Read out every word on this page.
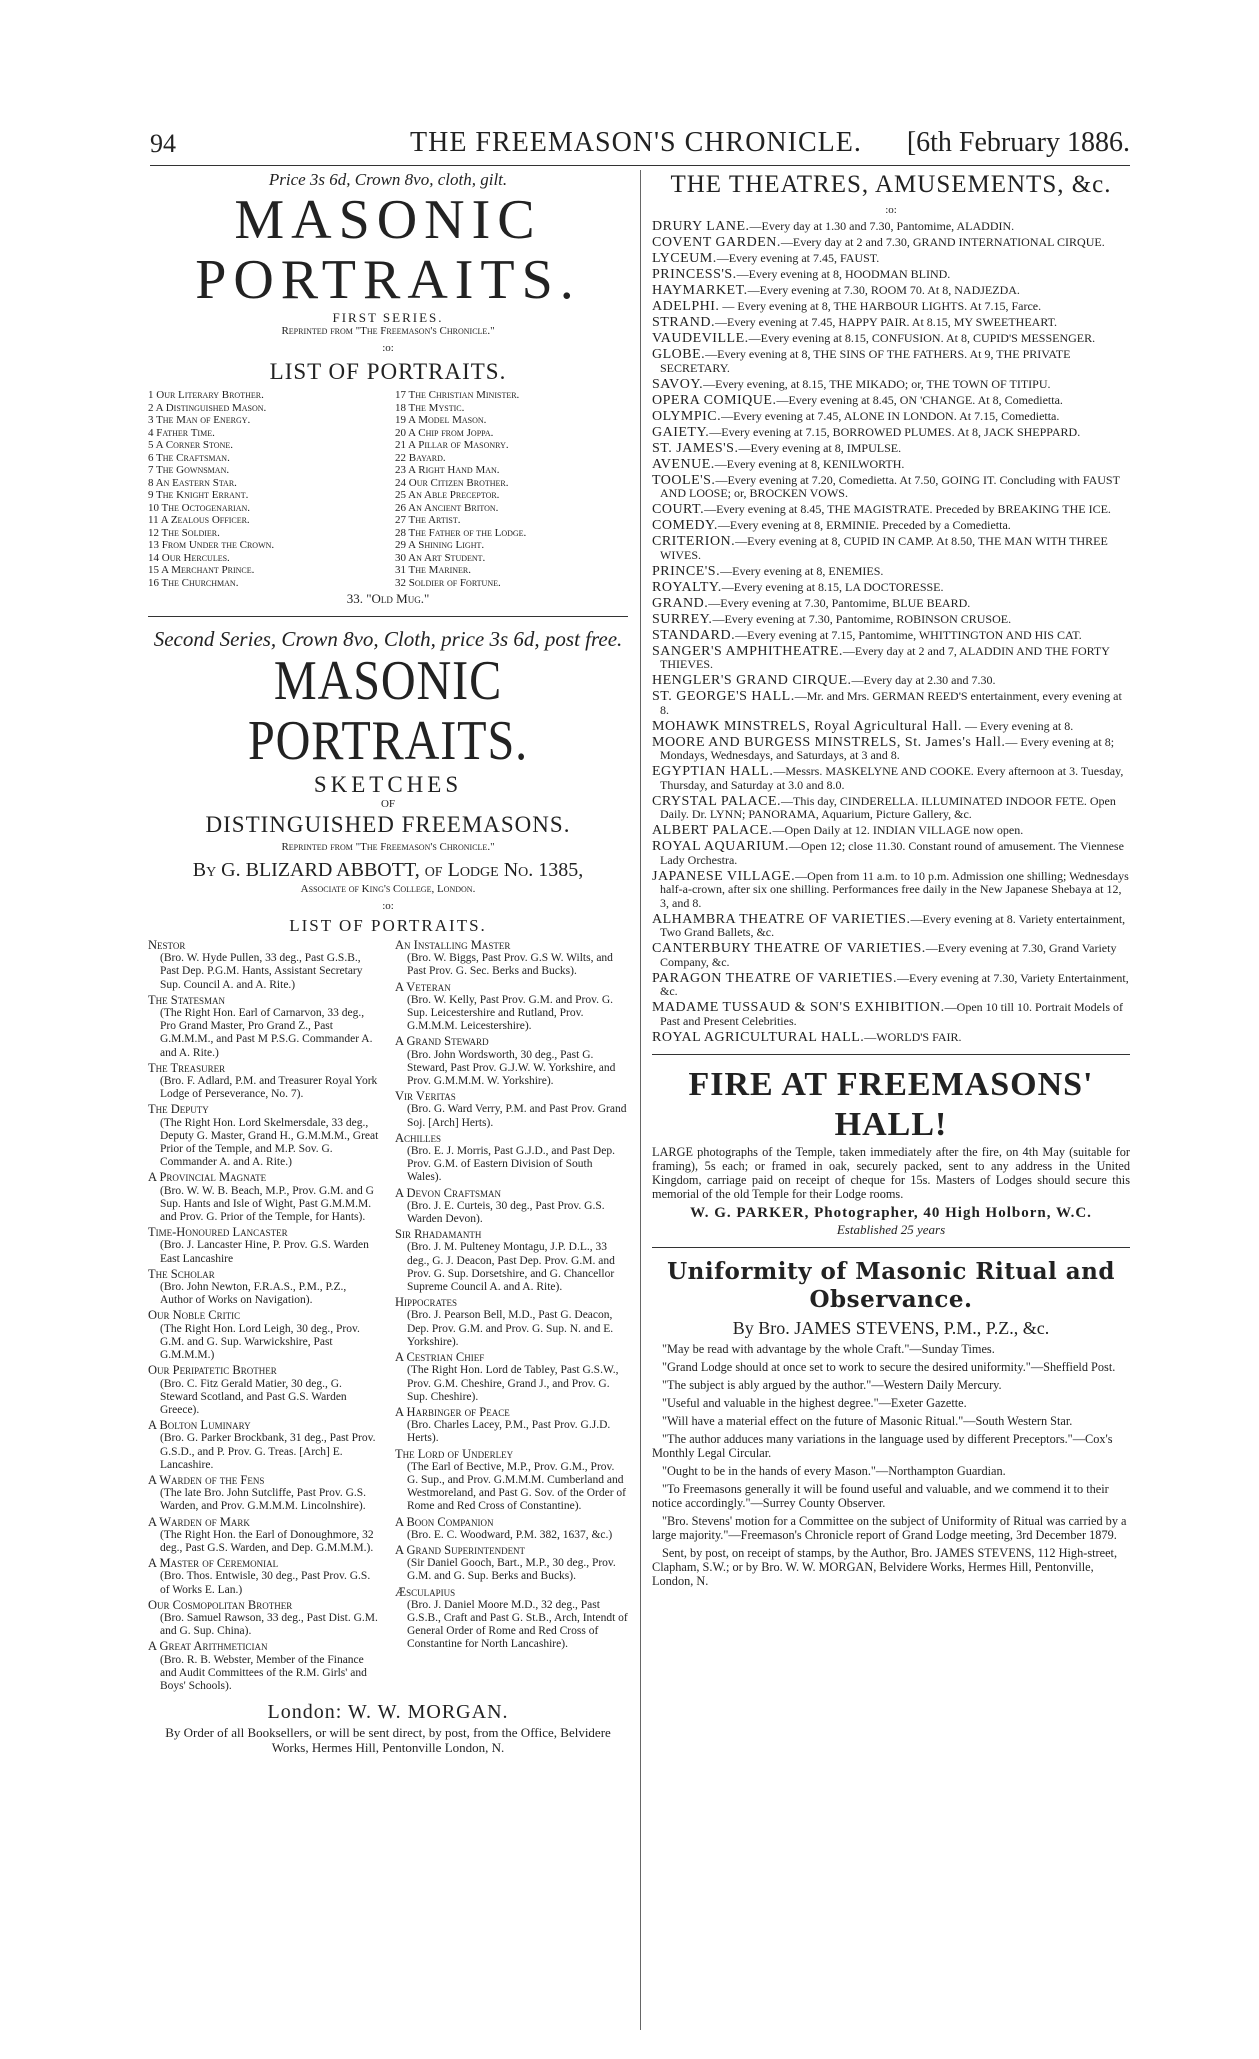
94	THE FREEMASON'S CHRONICLE. [6th February 1886.
Price 3s 6d, Crown 8vo, cloth, gilt.
MASONIC PORTRAITS.
FIRST SERIES.
Reprinted from "The Freemason's Chronicle."
:o:
LIST OF PORTRAITS.
1 Our Literary Brother.
2 A Distinguished Mason.
3 The Man of Energy.
4 Father Time.
5 A Corner Stone.
6 The Craftsman.
7 The Gownsman.
8 An Eastern Star.
9 The Knight Errant.
10 The Octogenarian.
11 A Zealous Officer.
12 The Soldier.
13 From Under the Crown.
14 Our Hercules.
15 A Merchant Prince.
16 The Churchman.
17 The Christian Minister.
18 The Mystic.
19 A Model Mason.
20 A Chip from Joppa.
21 A Pillar of Masonry.
22 Bayard.
23 A Right Hand Man.
24 Our Citizen Brother.
25 An Able Preceptor.
26 An Ancient Briton.
27 The Artist.
28 The Father of the Lodge.
29 A Shining Light.
30 An Art Student.
31 The Mariner.
32 Soldier of Fortune.
33. "Old Mug."
Second Series, Crown 8vo, Cloth, price 3s 6d, post free.
MASONIC PORTRAITS.
SKETCHES
OF
DISTINGUISHED FREEMASONS.
Reprinted from "The Freemason's Chronicle."
By G. BLIZARD ABBOTT, of Lodge No. 1385,
Associate of King's College, London.
:o:
LIST OF PORTRAITS.
Nestor
(Bro. W. Hyde Pullen, 33 deg., Past G.S.B., Past Dep. P.G.M. Hants, Assistant Secretary Sup. Council A. and A. Rite.)
The Statesman
(The Right Hon. Earl of Carnarvon, 33 deg., Pro Grand Master, Pro Grand Z., Past G.M.M.M., and Past M P.S.G. Commander A. and A. Rite.)
The Treasurer
(Bro. F. Adlard, P.M. and Treasurer Royal York Lodge of Perseverance, No. 7).
The Deputy
(The Right Hon. Lord Skelmersdale, 33 deg., Deputy G. Master, Grand H., G.M.M.M., Great Prior of the Temple, and M.P. Sov. G. Commander A. and A. Rite.)
A Provincial Magnate
(Bro. W. W. B. Beach, M.P., Prov. G.M. and G Sup. Hants and Isle of Wight, Past G.M.M.M. and Prov. G. Prior of the Temple, for Hants).
Time-Honoured Lancaster
(Bro. J. Lancaster Hine, P. Prov. G.S. Warden East Lancashire
The Scholar
(Bro. John Newton, F.R.A.S., P.M., P.Z., Author of Works on Navigation).
Our Noble Critic
(The Right Hon. Lord Leigh, 30 deg., Prov. G.M. and G. Sup. Warwickshire, Past G.M.M.M.)
Our Peripatetic Brother
(Bro. C. Fitz Gerald Matier, 30 deg., G. Steward Scotland, and Past G.S. Warden Greece).
A Bolton Luminary
(Bro. G. Parker Brockbank, 31 deg., Past Prov. G.S.D., and P. Prov. G. Treas. [Arch] E. Lancashire.
A Warden of the Fens
(The late Bro. John Sutcliffe, Past Prov. G.S. Warden, and Prov. G.M.M.M. Lincolnshire).
A Warden of Mark
(The Right Hon. the Earl of Donoughmore, 32 deg., Past G.S. Warden, and Dep. G.M.M.M.).
A Master of Ceremonial
(Bro. Thos. Entwisle, 30 deg., Past Prov. G.S. of Works E. Lan.)
Our Cosmopolitan Brother
(Bro. Samuel Rawson, 33 deg., Past Dist. G.M. and G. Sup. China).
A Great Arithmetician
(Bro. R. B. Webster, Member of the Finance and Audit Committees of the R.M. Girls' and Boys' Schools).
An Installing Master
(Bro. W. Biggs, Past Prov. G.S W. Wilts, and Past Prov. G. Sec. Berks and Bucks).
A Veteran
(Bro. W. Kelly, Past Prov. G.M. and Prov. G. Sup. Leicestershire and Rutland, Prov. G.M.M.M. Leicestershire).
A Grand Steward
(Bro. John Wordsworth, 30 deg., Past G. Steward, Past Prov. G.J.W. W. Yorkshire, and Prov. G.M.M.M. W. Yorkshire).
Vir Veritas
(Bro. G. Ward Verry, P.M. and Past Prov. Grand Soj. [Arch] Herts).
Achilles
(Bro. E. J. Morris, Past G.J.D., and Past Dep. Prov. G.M. of Eastern Division of South Wales).
A Devon Craftsman
(Bro. J. E. Curteis, 30 deg., Past Prov. G.S. Warden Devon).
Sir Rhadamanth
(Bro. J. M. Pulteney Montagu, J.P. D.L., 33 deg., G. J. Deacon, Past Dep. Prov. G.M. and Prov. G. Sup. Dorsetshire, and G. Chancellor Supreme Council A. and A. Rite).
Hippocrates
(Bro. J. Pearson Bell, M.D., Past G. Deacon, Dep. Prov. G.M. and Prov. G. Sup. N. and E. Yorkshire).
A Cestrian Chief
(The Right Hon. Lord de Tabley, Past G.S.W., Prov. G.M. Cheshire, Grand J., and Prov. G. Sup. Cheshire).
A Harbinger of Peace
(Bro. Charles Lacey, P.M., Past Prov. G.J.D. Herts).
The Lord of Underley
(The Earl of Bective, M.P., Prov. G.M., Prov. G. Sup., and Prov. G.M.M.M. Cumberland and Westmoreland, and Past G. Sov. of the Order of Rome and Red Cross of Constantine).
A Boon Companion
(Bro. E. C. Woodward, P.M. 382, 1637, &c.)
A Grand Superintendent
(Sir Daniel Gooch, Bart., M.P., 30 deg., Prov. G.M. and G. Sup. Berks and Bucks).
Æsculapius
(Bro. J. Daniel Moore M.D., 32 deg., Past G.S.B., Craft and Past G. St.B., Arch, Intendt of General Order of Rome and Red Cross of Constantine for North Lancashire).
London: W. W. MORGAN.
By Order of all Booksellers, or will be sent direct, by post, from the Office, Belvidere Works, Hermes Hill, Pentonville London, N.
THE THEATRES, AMUSEMENTS, &c.
:o:
DRURY LANE.—Every day at 1.30 and 7.30, Pantomime, ALADDIN.
COVENT GARDEN.—Every day at 2 and 7.30, GRAND INTERNATIONAL CIRQUE.
LYCEUM.—Every evening at 7.45, FAUST.
PRINCESS'S.—Every evening at 8, HOODMAN BLIND.
HAYMARKET.—Every evening at 7.30, ROOM 70. At 8, NADJEZDA.
ADELPHI. — Every evening at 8, THE HARBOUR LIGHTS. At 7.15, Farce.
STRAND.—Every evening at 7.45, HAPPY PAIR. At 8.15, MY SWEETHEART.
VAUDEVILLE.—Every evening at 8.15, CONFUSION. At 8, CUPID'S MESSENGER.
GLOBE.—Every evening at 8, THE SINS OF THE FATHERS. At 9, THE PRIVATE SECRETARY.
SAVOY.—Every evening, at 8.15, THE MIKADO; or, THE TOWN OF TITIPU.
OPERA COMIQUE.—Every evening at 8.45, ON 'CHANGE. At 8, Comedietta.
OLYMPIC.—Every evening at 7.45, ALONE IN LONDON. At 7.15, Comedietta.
GAIETY.—Every evening at 7.15, BORROWED PLUMES. At 8, JACK SHEPPARD.
ST. JAMES'S.—Every evening at 8, IMPULSE.
AVENUE.—Every evening at 8, KENILWORTH.
TOOLE'S.—Every evening at 7.20, Comedietta. At 7.50, GOING IT. Concluding with FAUST AND LOOSE; or, BROCKEN VOWS.
COURT.—Every evening at 8.45, THE MAGISTRATE. Preceded by BREAKING THE ICE.
COMEDY.—Every evening at 8, ERMINIE. Preceded by a Comedietta.
CRITERION.—Every evening at 8, CUPID IN CAMP. At 8.50, THE MAN WITH THREE WIVES.
PRINCE'S.—Every evening at 8, ENEMIES.
ROYALTY.—Every evening at 8.15, LA DOCTORESSE.
GRAND.—Every evening at 7.30, Pantomime, BLUE BEARD.
SURREY.—Every evening at 7.30, Pantomime, ROBINSON CRUSOE.
STANDARD.—Every evening at 7.15, Pantomime, WHITTINGTON AND HIS CAT.
SANGER'S AMPHITHEATRE.—Every day at 2 and 7, ALADDIN AND THE FORTY THIEVES.
HENGLER'S GRAND CIRQUE.—Every day at 2.30 and 7.30.
ST. GEORGE'S HALL.—Mr. and Mrs. GERMAN REED'S entertainment, every evening at 8.
MOHAWK MINSTRELS, Royal Agricultural Hall. — Every evening at 8.
MOORE AND BURGESS MINSTRELS, St. James's Hall.— Every evening at 8; Mondays, Wednesdays, and Saturdays, at 3 and 8.
EGYPTIAN HALL.—Messrs. MASKELYNE AND COOKE. Every afternoon at 3. Tuesday, Thursday, and Saturday at 3.0 and 8.0.
CRYSTAL PALACE.—This day, CINDERELLA. ILLUMINATED INDOOR FETE. Open Daily. Dr. LYNN; PANORAMA, Aquarium, Picture Gallery, &c.
ALBERT PALACE.—Open Daily at 12. INDIAN VILLAGE now open.
ROYAL AQUARIUM.—Open 12; close 11.30. Constant round of amusement. The Viennese Lady Orchestra.
JAPANESE VILLAGE.—Open from 11 a.m. to 10 p.m. Admission one shilling; Wednesdays half-a-crown, after six one shilling. Performances free daily in the New Japanese Shebaya at 12, 3, and 8.
ALHAMBRA THEATRE OF VARIETIES.—Every evening at 8. Variety entertainment, Two Grand Ballets, &c.
CANTERBURY THEATRE OF VARIETIES.—Every evening at 7.30, Grand Variety Company, &c.
PARAGON THEATRE OF VARIETIES.—Every evening at 7.30, Variety Entertainment, &c.
MADAME TUSSAUD & SON'S EXHIBITION.—Open 10 till 10. Portrait Models of Past and Present Celebrities.
ROYAL AGRICULTURAL HALL.—WORLD'S FAIR.
FIRE AT FREEMASONS' HALL!
LARGE photographs of the Temple, taken immediately after the fire, on 4th May (suitable for framing), 5s each; or framed in oak, securely packed, sent to any address in the United Kingdom, carriage paid on receipt of cheque for 15s. Masters of Lodges should secure this memorial of the old Temple for their Lodge rooms.
W. G. PARKER, Photographer, 40 High Holborn, W.C.
Established 25 years
Uniformity of Masonic Ritual and Observance.
By Bro. JAMES STEVENS, P.M., P.Z., &c.
"May be read with advantage by the whole Craft."—Sunday Times.
"Grand Lodge should at once set to work to secure the desired uniformity."—Sheffield Post.
"The subject is ably argued by the author."—Western Daily Mercury.
"Useful and valuable in the highest degree."—Exeter Gazette.
"Will have a material effect on the future of Masonic Ritual."—South Western Star.
"The author adduces many variations in the language used by different Preceptors."—Cox's Monthly Legal Circular.
"Ought to be in the hands of every Mason."—Northampton Guardian.
"To Freemasons generally it will be found useful and valuable, and we commend it to their notice accordingly."—Surrey County Observer.
"Bro. Stevens' motion for a Committee on the subject of Uniformity of Ritual was carried by a large majority."—Freemason's Chronicle report of Grand Lodge meeting, 3rd December 1879.
Sent, by post, on receipt of stamps, by the Author, Bro. JAMES STEVENS, 112 High-street, Clapham, S.W.; or by Bro. W. W. MORGAN, Belvidere Works, Hermes Hill, Pentonville, London, N.
